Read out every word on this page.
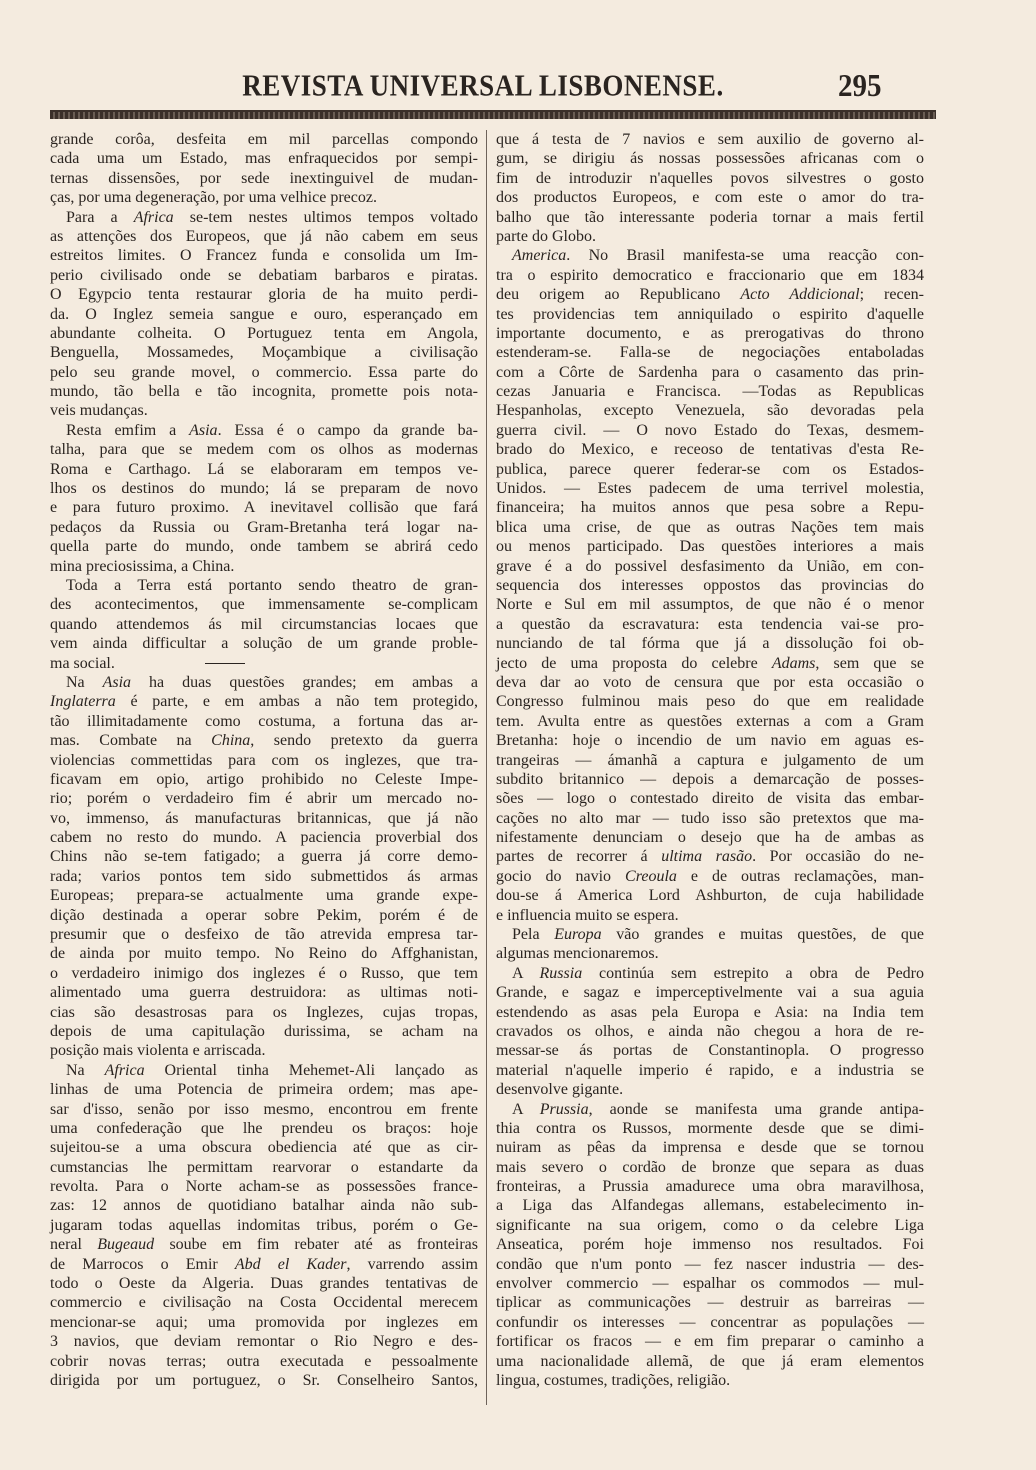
REVISTA UNIVERSAL LISBONENSE.	295
grande corôa, desfeita em mil parcellas compondo
cada uma um Estado, mas enfraquecidos por sempi-
ternas dissensões, por sede inextinguivel de mudan-
ças, por uma degeneração, por uma velhice precoz.
Para a Africa se-tem nestes ultimos tempos voltado
as attenções dos Europeos, que já não cabem em seus
estreitos limites. O Francez funda e consolida um Im-
perio civilisado onde se debatiam barbaros e piratas.
O Egypcio tenta restaurar gloria de ha muito perdi-
da. O Inglez semeia sangue e ouro, esperançado em
abundante colheita. O Portuguez tenta em Angola,
Benguella, Mossamedes, Moçambique a civilisação
pelo seu grande movel, o commercio. Essa parte do
mundo, tão bella e tão incognita, promette pois nota-
veis mudanças.
Resta emfim a Asia. Essa é o campo da grande ba-
talha, para que se medem com os olhos as modernas
Roma e Carthago. Lá se elaboraram em tempos ve-
lhos os destinos do mundo; lá se preparam de novo
e para futuro proximo. A inevitavel collisão que fará
pedaços da Russia ou Gram-Bretanha terá logar na-
quella parte do mundo, onde tambem se abrirá cedo
mina preciosissima, a China.
Toda a Terra está portanto sendo theatro de gran-
des acontecimentos, que immensamente se-complicam
quando attendemos ás mil circumstancias locaes que
vem ainda difficultar a solução de um grande proble-
ma social.
Na Asia ha duas questões grandes; em ambas a
Inglaterra é parte, e em ambas a não tem protegido,
tão illimitadamente como costuma, a fortuna das ar-
mas. Combate na China, sendo pretexto da guerra
violencias commettidas para com os inglezes, que tra-
ficavam em opio, artigo prohibido no Celeste Impe-
rio; porém o verdadeiro fim é abrir um mercado no-
vo, immenso, ás manufacturas britannicas, que já não
cabem no resto do mundo. A paciencia proverbial dos
Chins não se-tem fatigado; a guerra já corre demo-
rada; varios pontos tem sido submettidos ás armas
Europeas; prepara-se actualmente uma grande expe-
dição destinada a operar sobre Pekim, porém é de
presumir que o desfeixo de tão atrevida empresa tar-
de ainda por muito tempo. No Reino do Affghanistan,
o verdadeiro inimigo dos inglezes é o Russo, que tem
alimentado uma guerra destruidora: as ultimas noti-
cias são desastrosas para os Inglezes, cujas tropas,
depois de uma capitulação durissima, se acham na
posição mais violenta e arriscada.
Na Africa Oriental tinha Mehemet-Ali lançado as
linhas de uma Potencia de primeira ordem; mas ape-
sar d'isso, senão por isso mesmo, encontrou em frente
uma confederação que lhe prendeu os braços: hoje
sujeitou-se a uma obscura obediencia até que as cir-
cumstancias lhe permittam rearvorar o estandarte da
revolta. Para o Norte acham-se as possessões france-
zas: 12 annos de quotidiano batalhar ainda não sub-
jugaram todas aquellas indomitas tribus, porém o Ge-
neral Bugeaud soube em fim rebater até as fronteiras
de Marrocos o Emir Abd el Kader, varrendo assim
todo o Oeste da Algeria. Duas grandes tentativas de
commercio e civilisação na Costa Occidental merecem
mencionar-se aqui; uma promovida por inglezes em
3 navios, que deviam remontar o Rio Negro e des-
cobrir novas terras; outra executada e pessoalmente
dirigida por um portuguez, o Sr. Conselheiro Santos,
que á testa de 7 navios e sem auxilio de governo al-
gum, se dirigiu ás nossas possessões africanas com o
fim de introduzir n'aquelles povos silvestres o gosto
dos productos Europeos, e com este o amor do tra-
balho que tão interessante poderia tornar a mais fertil
parte do Globo.
America. No Brasil manifesta-se uma reacção con-
tra o espirito democratico e fraccionario que em 1834
deu origem ao Republicano Acto Addicional; recen-
tes providencias tem anniquilado o espirito d'aquelle
importante documento, e as prerogativas do throno
estenderam-se. Falla-se de negociações entaboladas
com a Côrte de Sardenha para o casamento das prin-
cezas Januaria e Francisca. —Todas as Republicas
Hespanholas, excepto Venezuela, são devoradas pela
guerra civil. — O novo Estado do Texas, desmem-
brado do Mexico, e receoso de tentativas d'esta Re-
publica, parece querer federar-se com os Estados-
Unidos. — Estes padecem de uma terrivel molestia,
financeira; ha muitos annos que pesa sobre a Repu-
blica uma crise, de que as outras Nações tem mais
ou menos participado. Das questões interiores a mais
grave é a do possivel desfasimento da União, em con-
sequencia dos interesses oppostos das provincias do
Norte e Sul em mil assumptos, de que não é o menor
a questão da escravatura: esta tendencia vai-se pro-
nunciando de tal fórma que já a dissolução foi ob-
jecto de uma proposta do celebre Adams, sem que se
deva dar ao voto de censura que por esta occasião o
Congresso fulminou mais peso do que em realidade
tem. Avulta entre as questões externas a com a Gram
Bretanha: hoje o incendio de um navio em aguas es-
trangeiras — ámanhã a captura e julgamento de um
subdito britannico — depois a demarcação de posses-
sões — logo o contestado direito de visita das embar-
cações no alto mar — tudo isso são pretextos que ma-
nifestamente denunciam o desejo que ha de ambas as
partes de recorrer á ultima rasão. Por occasião do ne-
gocio do navio Creoula e de outras reclamações, man-
dou-se á America Lord Ashburton, de cuja habilidade
e influencia muito se espera.
Pela Europa vão grandes e muitas questões, de que
algumas mencionaremos.
A Russia continúa sem estrepito a obra de Pedro
Grande, e sagaz e imperceptivelmente vai a sua aguia
estendendo as asas pela Europa e Asia: na India tem
cravados os olhos, e ainda não chegou a hora de re-
messar-se ás portas de Constantinopla. O progresso
material n'aquelle imperio é rapido, e a industria se
desenvolve gigante.
A Prussia, aonde se manifesta uma grande antipa-
thia contra os Russos, mormente desde que se dimi-
nuiram as pêas da imprensa e desde que se tornou
mais severo o cordão de bronze que separa as duas
fronteiras, a Prussia amadurece uma obra maravilhosa,
a Liga das Alfandegas allemans, estabelecimento in-
significante na sua origem, como o da celebre Liga
Anseatica, porém hoje immenso nos resultados. Foi
condão que n'um ponto — fez nascer industria — des-
envolver commercio — espalhar os commodos — mul-
tiplicar as communicações — destruir as barreiras —
confundir os interesses — concentrar as populações —
fortificar os fracos — e em fim preparar o caminho a
uma nacionalidade allemã, de que já eram elementos
lingua, costumes, tradições, religião.
